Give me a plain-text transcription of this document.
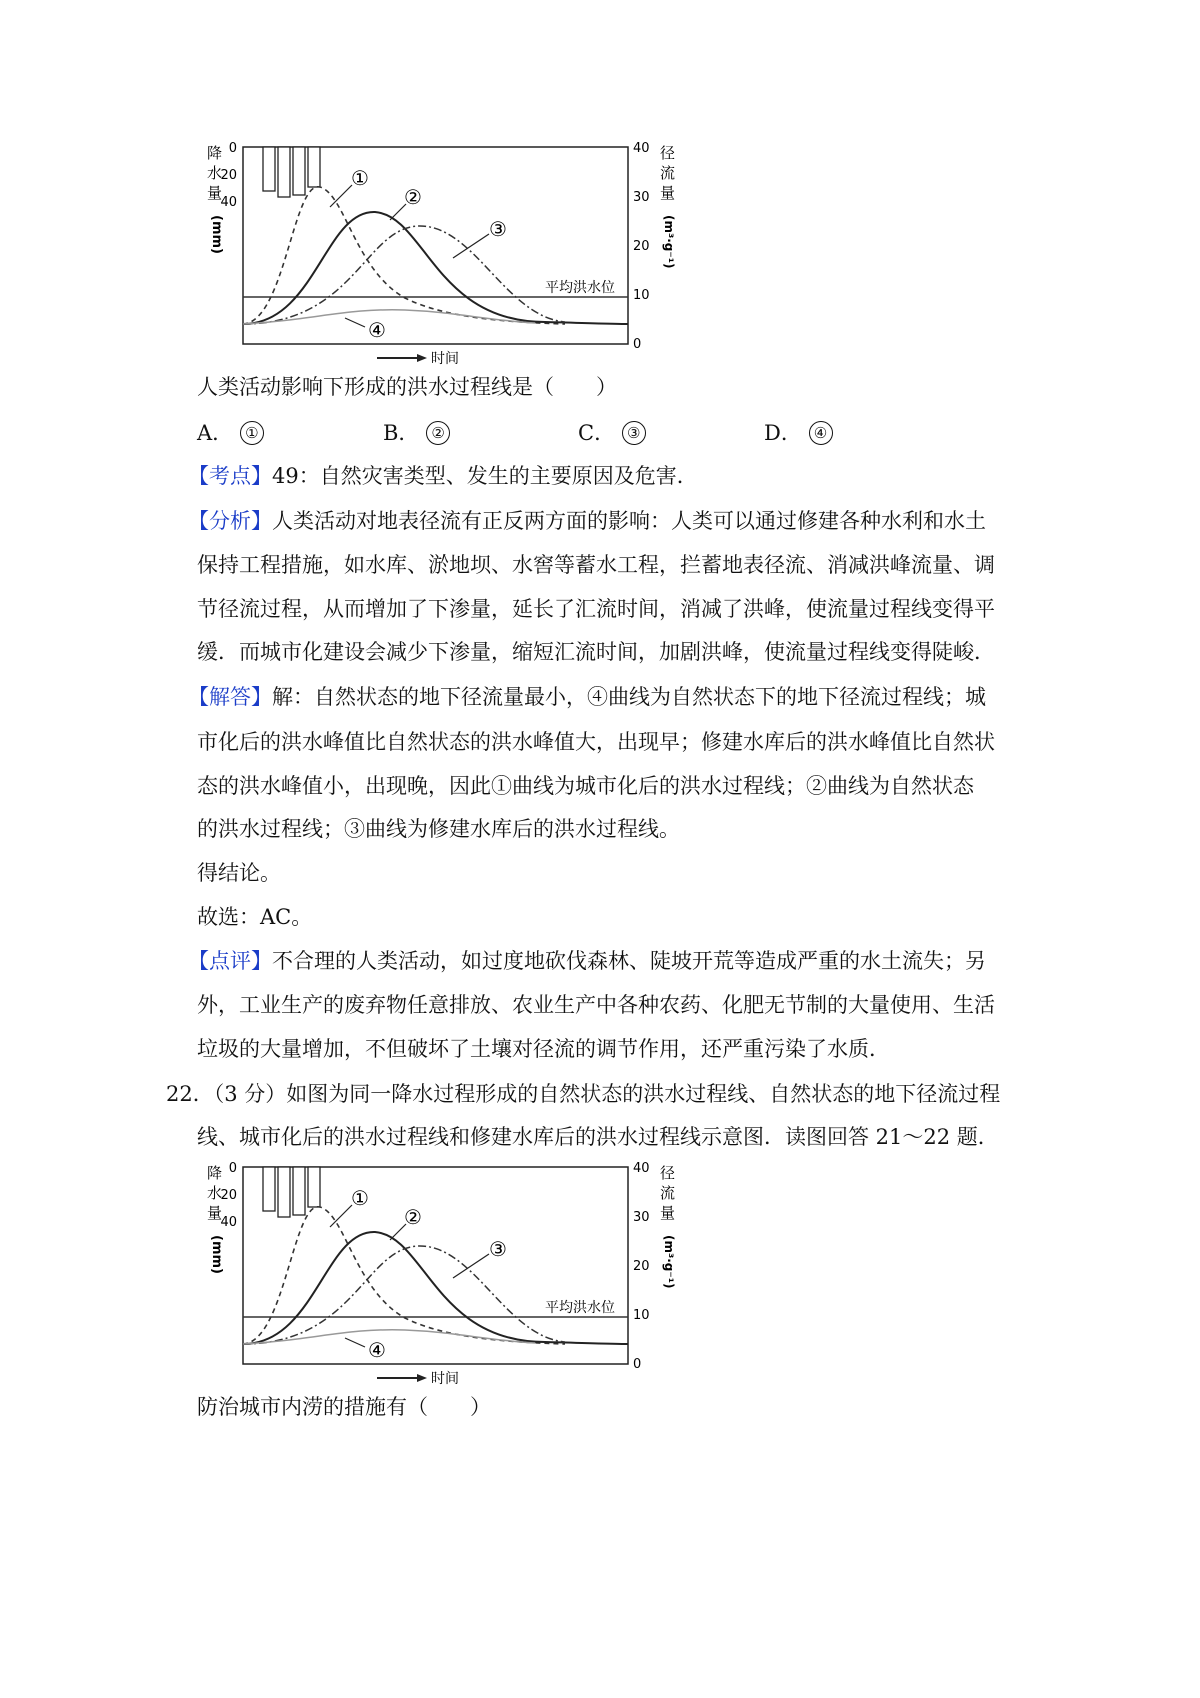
降
水
量
(mm)
0
20
40
平均洪水位
①
②
③
④
40
30
20
10
0
径
流
量
(m³·g⁻¹)
时间
人类活动影响下形成的洪水过程线是（　　）
A． ①	B． ②	C． ③	D． ④
【考点】49：自然灾害类型、发生的主要原因及危害．
【分析】人类活动对地表径流有正反两方面的影响：人类可以通过修建各种水利和水土
保持工程措施，如水库、淤地坝、水窖等蓄水工程，拦蓄地表径流、消减洪峰流量、调
节径流过程，从而增加了下渗量，延长了汇流时间，消减了洪峰，使流量过程线变得平
缓．而城市化建设会减少下渗量，缩短汇流时间，加剧洪峰，使流量过程线变得陡峻．
【解答】解：自然状态的地下径流量最小，④曲线为自然状态下的地下径流过程线；城
市化后的洪水峰值比自然状态的洪水峰值大，出现早；修建水库后的洪水峰值比自然状
态的洪水峰值小，出现晚，因此①曲线为城市化后的洪水过程线；②曲线为自然状态
的洪水过程线；③曲线为修建水库后的洪水过程线。
得结论。
故选：AC。
【点评】不合理的人类活动，如过度地砍伐森林、陡坡开荒等造成严重的水土流失；另
外，工业生产的废弃物任意排放、农业生产中各种农药、化肥无节制的大量使用、生活
垃圾的大量增加，不但破坏了土壤对径流的调节作用，还严重污染了水质．
22．（3 分）如图为同一降水过程形成的自然状态的洪水过程线、自然状态的地下径流过程
线、城市化后的洪水过程线和修建水库后的洪水过程线示意图．读图回答 21～22 题．
降
水
量
(mm)
0
20
40
平均洪水位
①
②
③
④
40
30
20
10
0
径
流
量
(m³·g⁻¹)
时间
防治城市内涝的措施有（　　）
